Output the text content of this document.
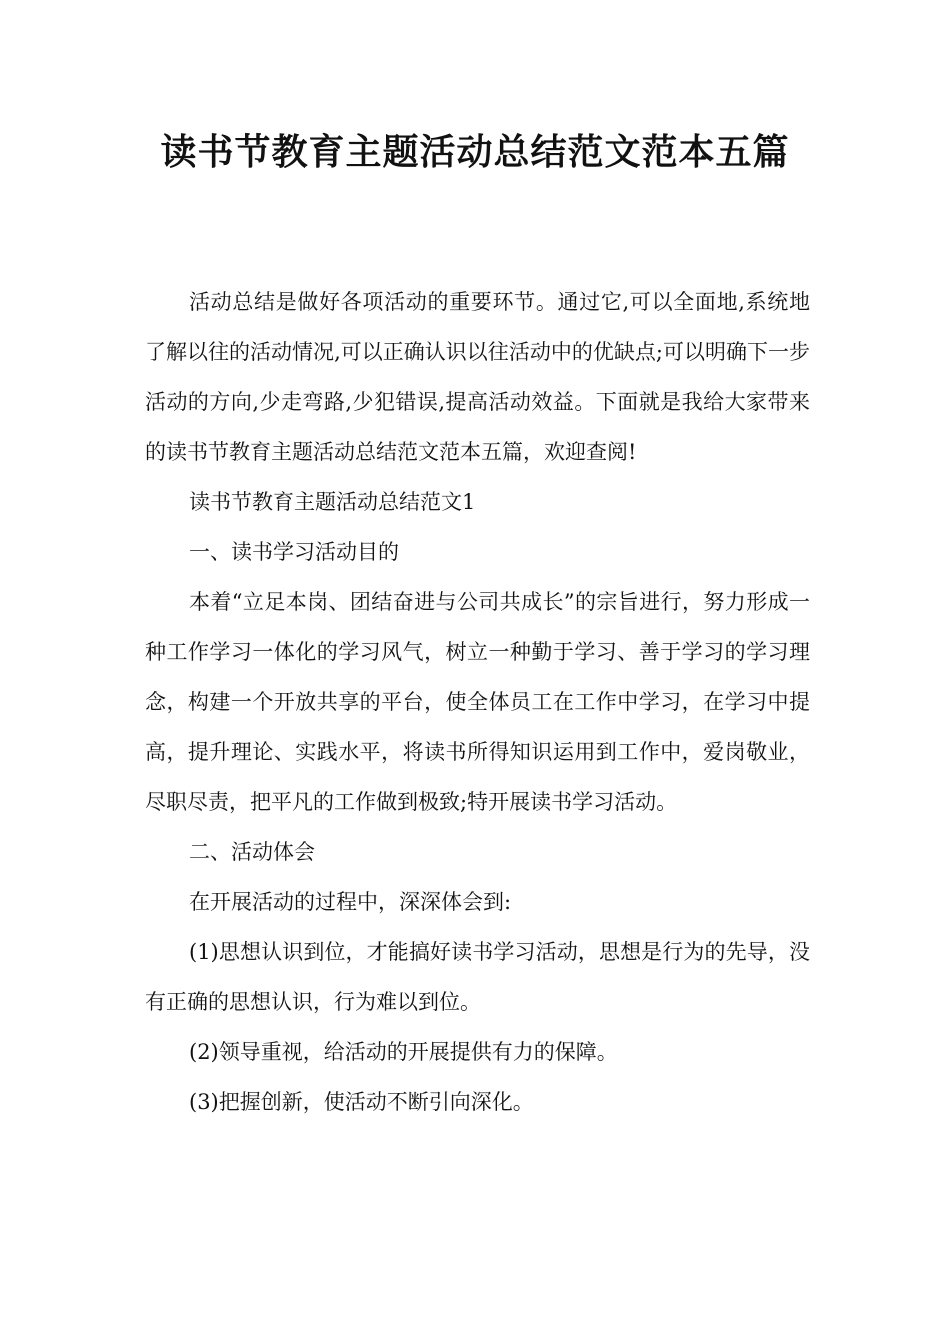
读书节教育主题活动总结范文范本五篇

活动总结是做好各项活动的重要环节。通过它,可以全面地,系统地了解以往的活动情况,可以正确认识以往活动中的优缺点;可以明确下一步活动的方向,少走弯路,少犯错误,提高活动效益。下面就是我给大家带来的读书节教育主题活动总结范文范本五篇，欢迎查阅!

读书节教育主题活动总结范文1

一、读书学习活动目的

本着“立足本岗、团结奋进与公司共成长”的宗旨进行，努力形成一种工作学习一体化的学习风气，树立一种勤于学习、善于学习的学习理念，构建一个开放共享的平台，使全体员工在工作中学习，在学习中提高，提升理论、实践水平，将读书所得知识运用到工作中，爱岗敬业，尽职尽责，把平凡的工作做到极致;特开展读书学习活动。

二、活动体会

在开展活动的过程中，深深体会到:

(1)思想认识到位，才能搞好读书学习活动，思想是行为的先导，没有正确的思想认识，行为难以到位。

(2)领导重视，给活动的开展提供有力的保障。

(3)把握创新，使活动不断引向深化。
